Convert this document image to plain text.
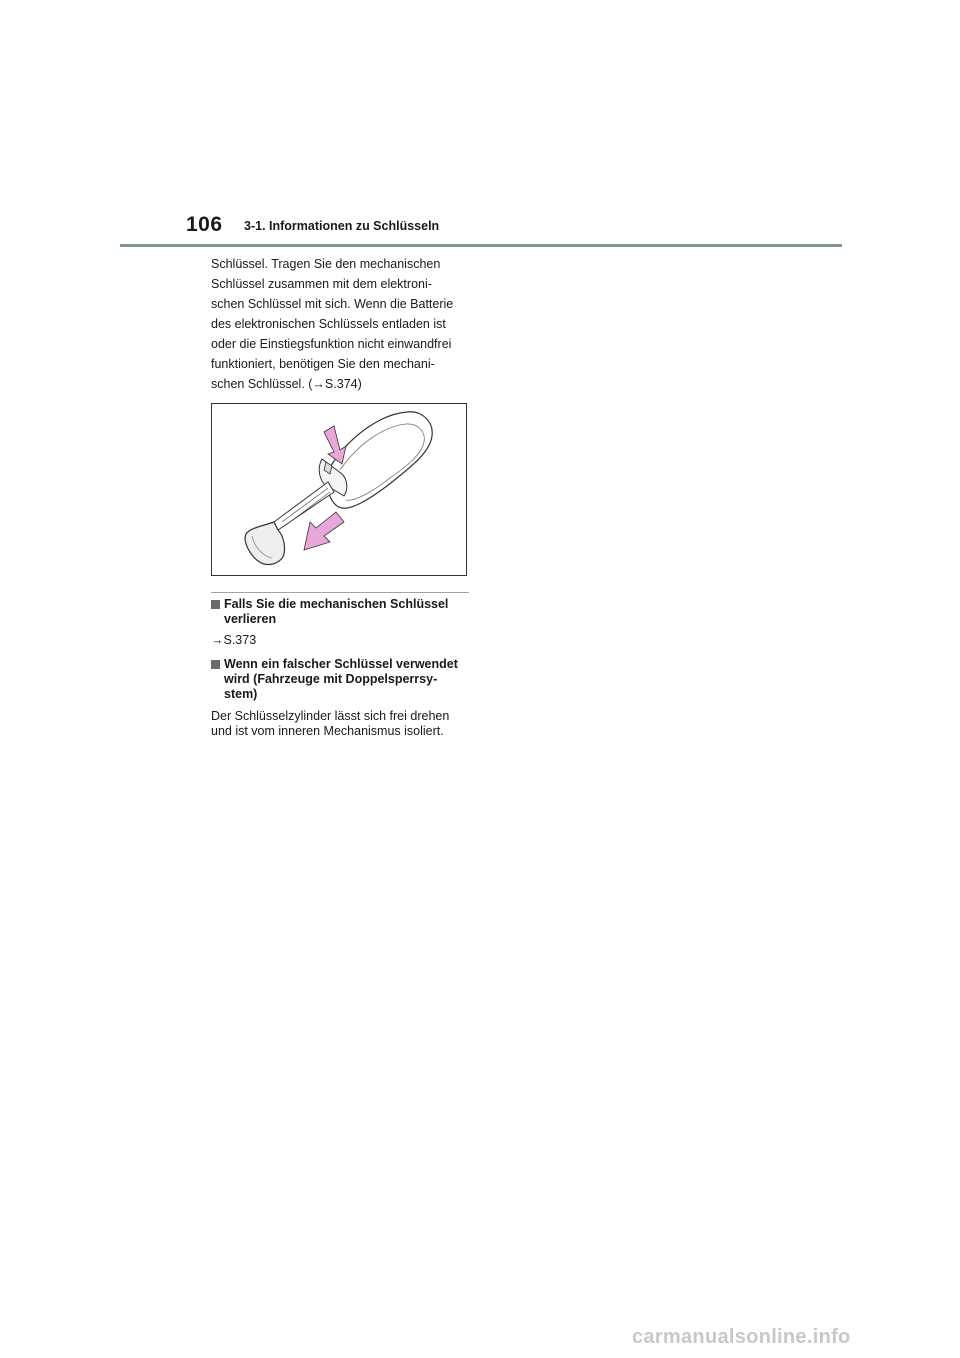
106 3-1. Informationen zu Schlüsseln

Schlüssel. Tragen Sie den mechanischen
Schlüssel zusammen mit dem elektroni-
schen Schlüssel mit sich. Wenn die Batterie
des elektronischen Schlüssels entladen ist
oder die Einstiegsfunktion nicht einwandfrei
funktioniert, benötigen Sie den mechani-
schen Schlüssel. (→S.374)

Falls Sie die mechanischen Schlüssel
verlieren
→S.373
Wenn ein falscher Schlüssel verwendet
wird (Fahrzeuge mit Doppelsperrsy-
stem)
Der Schlüsselzylinder lässt sich frei drehen
und ist vom inneren Mechanismus isoliert.
carmanualsonline.info
